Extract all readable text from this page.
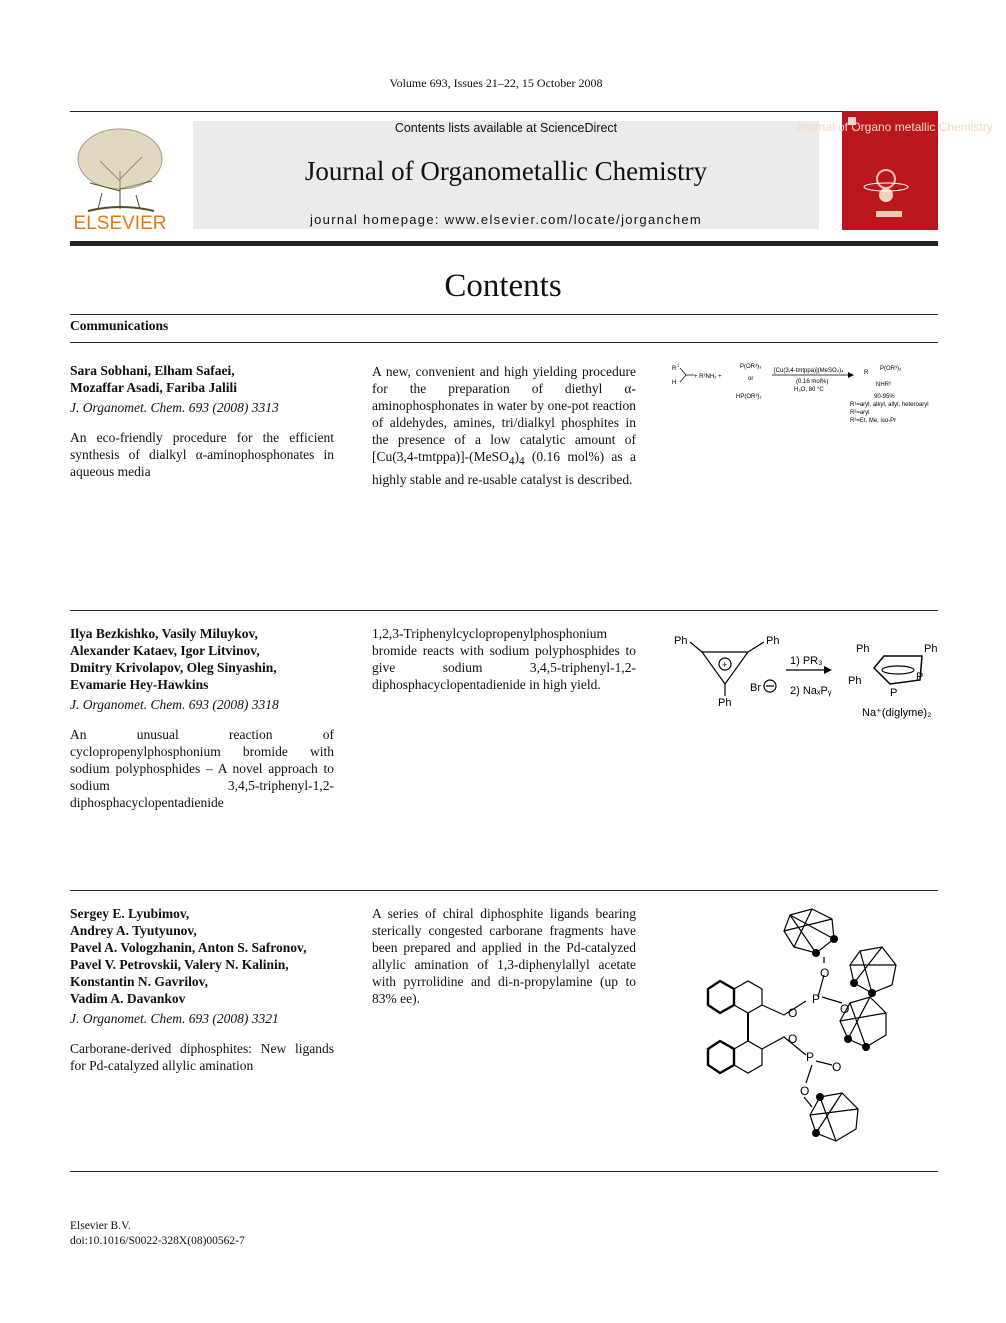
Volume 693, Issues 21–22, 15 October 2008
ELSEVIER
Contents lists available at ScienceDirect
Journal of Organometallic Chemistry
journal homepage: www.elsevier.com/locate/jorganchem
Journal of Organo metallic Chemistry
Contents
Communications
Sara Sobhani, Elham Safaei,
Mozaffar Asadi, Fariba Jalili
J. Organomet. Chem. 693 (2008) 3313
An eco-friendly procedure for the efficient synthesis of dialkyl α-aminophosphonates in aqueous media
A new, convenient and high yielding procedure for the preparation of diethyl α-aminophosphonates in water by one-pot reaction of aldehydes, amines, tri/dialkyl phosphites in the presence of a low catalytic amount of $[Cu(3,4-tmtppa)]-(MeSO_4)_4$ (0.16 mol%) as a highly stable and re-usable catalyst is described.
R
1
H
+ R²NH₂ +
P(OR³)₃
or
HP(OR³)₂
[Cu(3,4-tmtppa)](MeSO₄)₄
(0.16 mol%)
H₂O, 80 °C
R
P(OR³)₂
NHR²
90-95%
R¹=aryl, alkyl, allyl, heteroaryl
R²=aryl
R³=Et, Me, iso-Pr
Ilya Bezkishko, Vasily Miluykov,
Alexander Kataev, Igor Litvinov,
Dmitry Krivolapov, Oleg Sinyashin,
Evamarie Hey-Hawkins
J. Organomet. Chem. 693 (2008) 3318
An unusual reaction of cyclopropenylphosphonium bromide with sodium polyphosphides – A novel approach to sodium 3,4,5-triphenyl-1,2-diphosphacyclopentadienide
1,2,3-Triphenylcyclopropenylphosphonium bromide reacts with sodium polyphosphides to give sodium 3,4,5-triphenyl-1,2-diphosphacyclopentadienide in high yield.
+
Ph	Ph
Ph
Br
1) PR₃
2) NaₓPᵧ
Ph	Ph
Ph
P
P
Na⁺(diglyme)₂
Sergey E. Lyubimov,
Andrey A. Tyutyunov,
Pavel A. Vologzhanin, Anton S. Safronov,
Pavel V. Petrovskii, Valery N. Kalinin,
Konstantin N. Gavrilov,
Vadim A. Davankov
J. Organomet. Chem. 693 (2008) 3321
Carborane-derived diphosphites: New ligands for Pd-catalyzed allylic amination
A series of chiral diphosphite ligands bearing sterically congested carborane fragments have been prepared and applied in the Pd-catalyzed allylic amination of 1,3-diphenylallyl acetate with pyrrolidine and di-n-propylamine (up to 83% ee).
O
P
O
O
O
P
O
O
Elsevier B.V.
doi:10.1016/S0022-328X(08)00562-7
